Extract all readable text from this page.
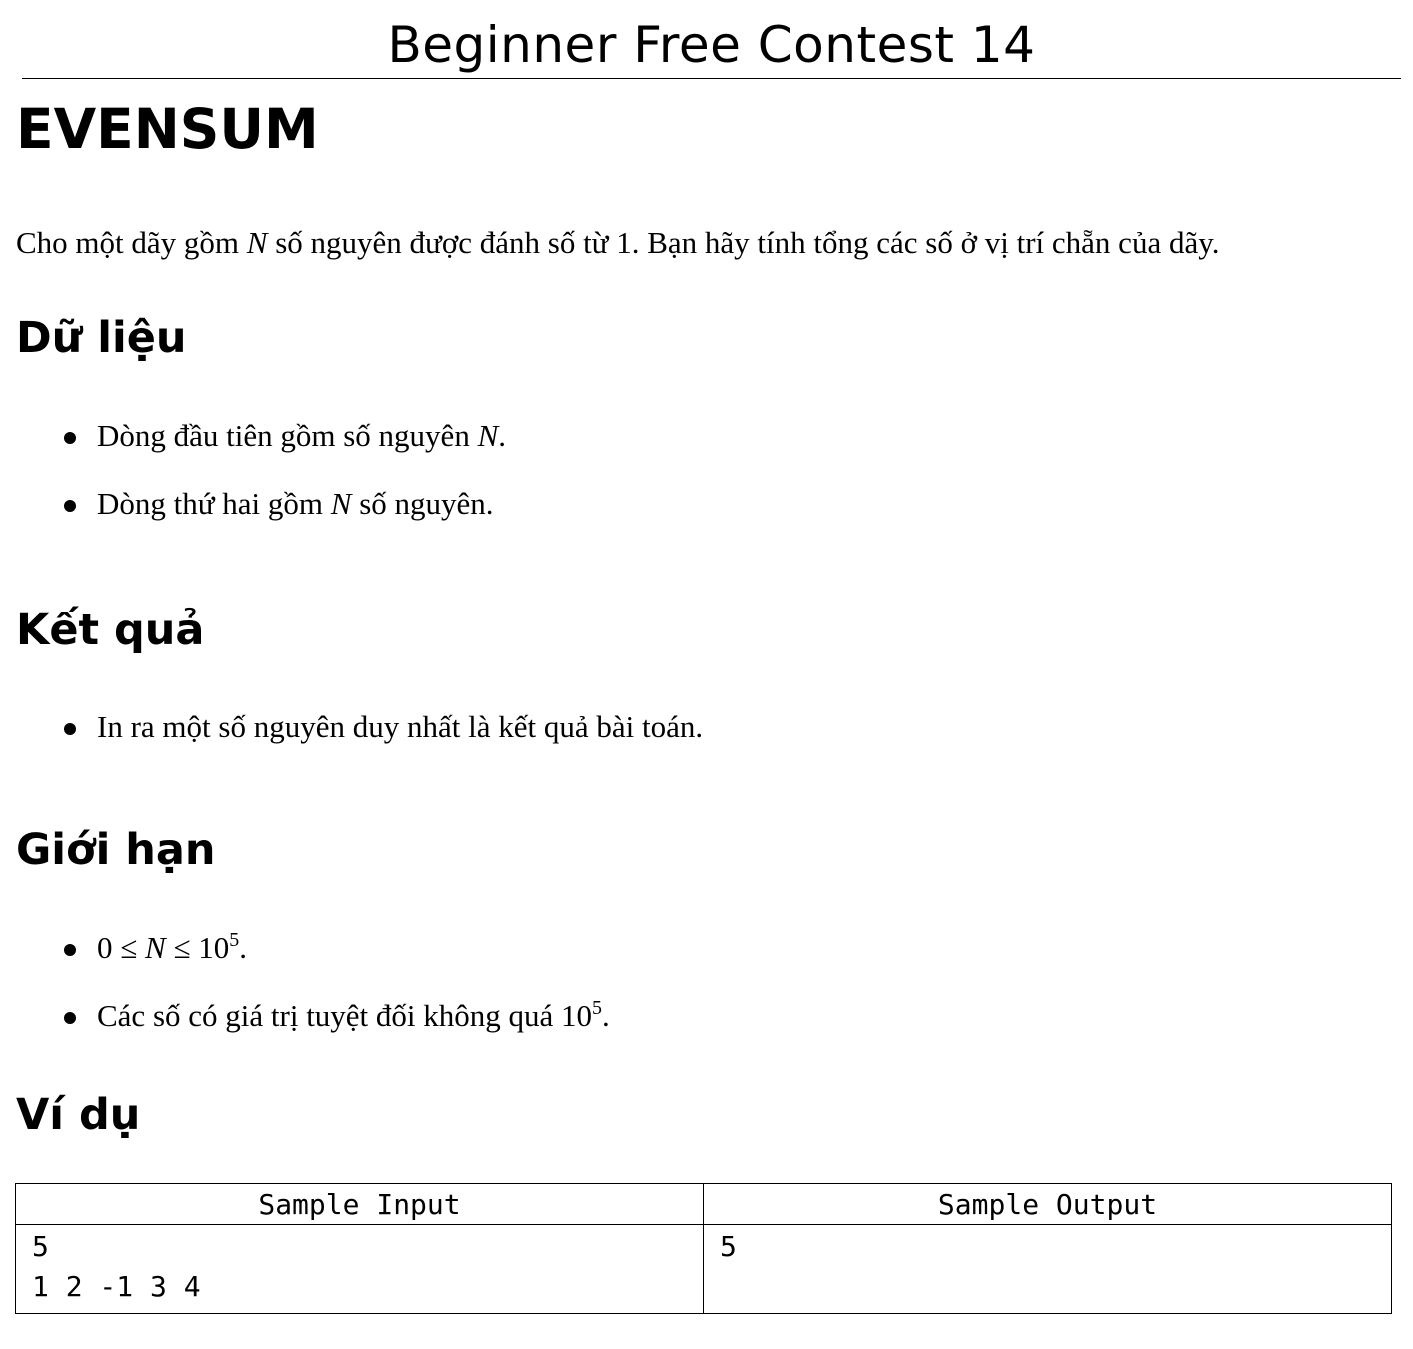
Beginner Free Contest 14
EVENSUM

Cho một dãy gồm N số nguyên được đánh số từ 1. Bạn hãy tính tổng các số ở vị trí chẵn của dãy.

Dữ liệu
Dòng đầu tiên gồm số nguyên N.
Dòng thứ hai gồm N số nguyên.
Kết quả
In ra một số nguyên duy nhất là kết quả bài toán.
Giới hạn
$0 \le N \le 10^5$.
Các số có giá trị tuyệt đối không quá $10^5$.
Ví dụ
Sample Input	Sample Output

5
1 2 -1 3 4	5
